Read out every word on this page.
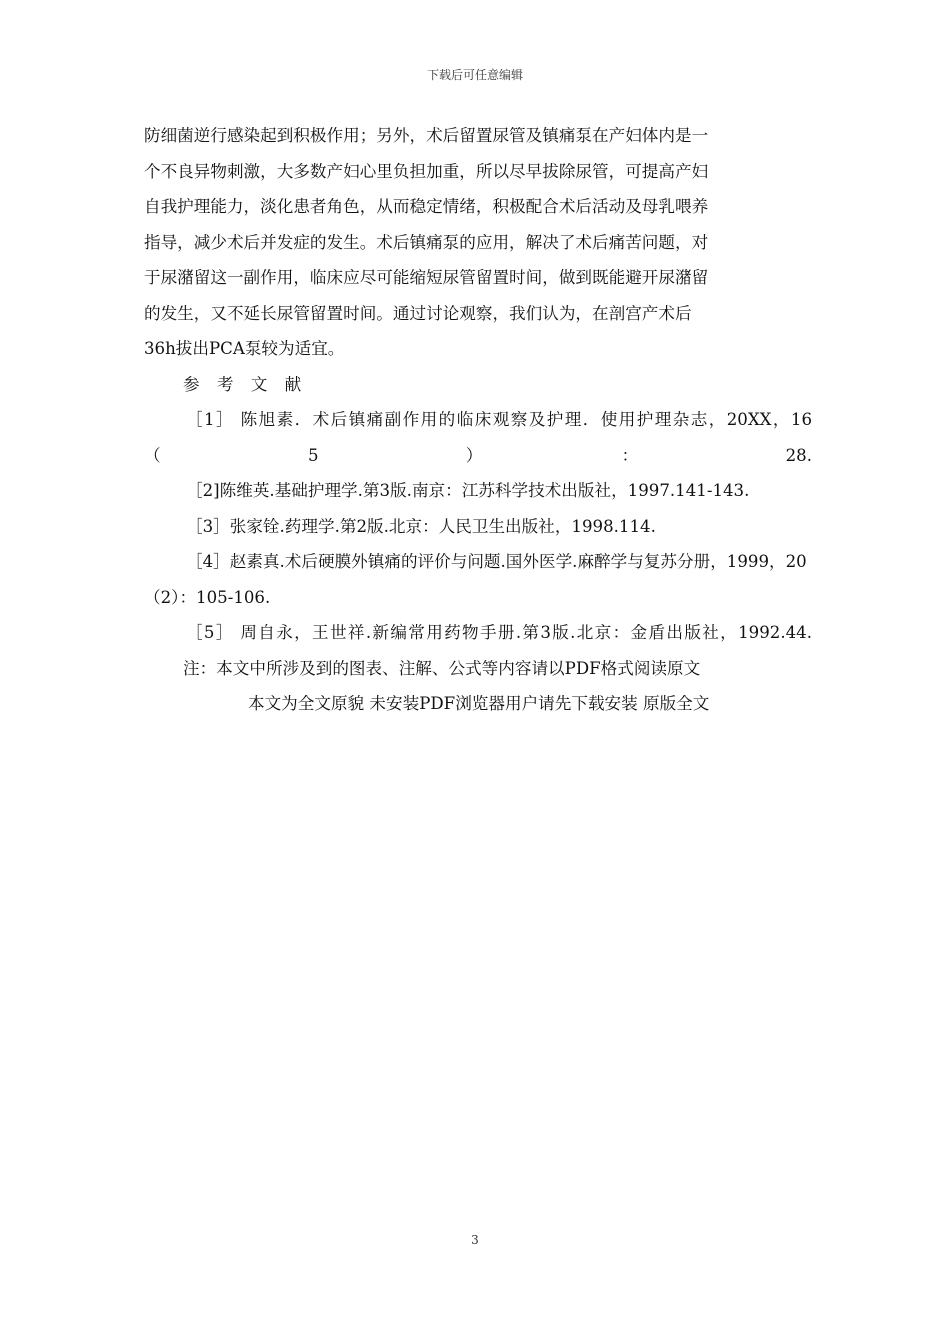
下载后可任意编辑
防细菌逆行感染起到积极作用；另外，术后留置尿管及镇痛泵在产妇体内是一
个不良异物刺激，大多数产妇心里负担加重，所以尽早拔除尿管，可提高产妇
自我护理能力，淡化患者角色，从而稳定情绪，积极配合术后活动及母乳喂养
指导，减少术后并发症的发生。术后镇痛泵的应用，解决了术后痛苦问题，对
于尿潴留这一副作用，临床应尽可能缩短尿管留置时间，做到既能避开尿潴留
的发生，又不延长尿管留置时间。通过讨论观察，我们认为，在剖宫产术后
36h拔出PCA泵较为适宜。
参 考 文 献
［1］ 陈旭素．术后镇痛副作用的临床观察及护理．使用护理杂志，20XX，16（5）：28.
［2]陈维英.基础护理学.第3版.南京：江苏科学技术出版社，1997.141-143.
［3］张家铨.药理学.第2版.北京：人民卫生出版社，1998.114.
［4］赵素真.术后硬膜外镇痛的评价与问题.国外医学.麻醉学与复苏分册，1999，20（2）：105-106.
［5］ 周自永，王世祥.新编常用药物手册.第3版.北京：金盾出版社，1992.44.
注：本文中所涉及到的图表、注解、公式等内容请以PDF格式阅读原文
本文为全文原貌 未安装PDF浏览器用户请先下载安装 原版全文
3
